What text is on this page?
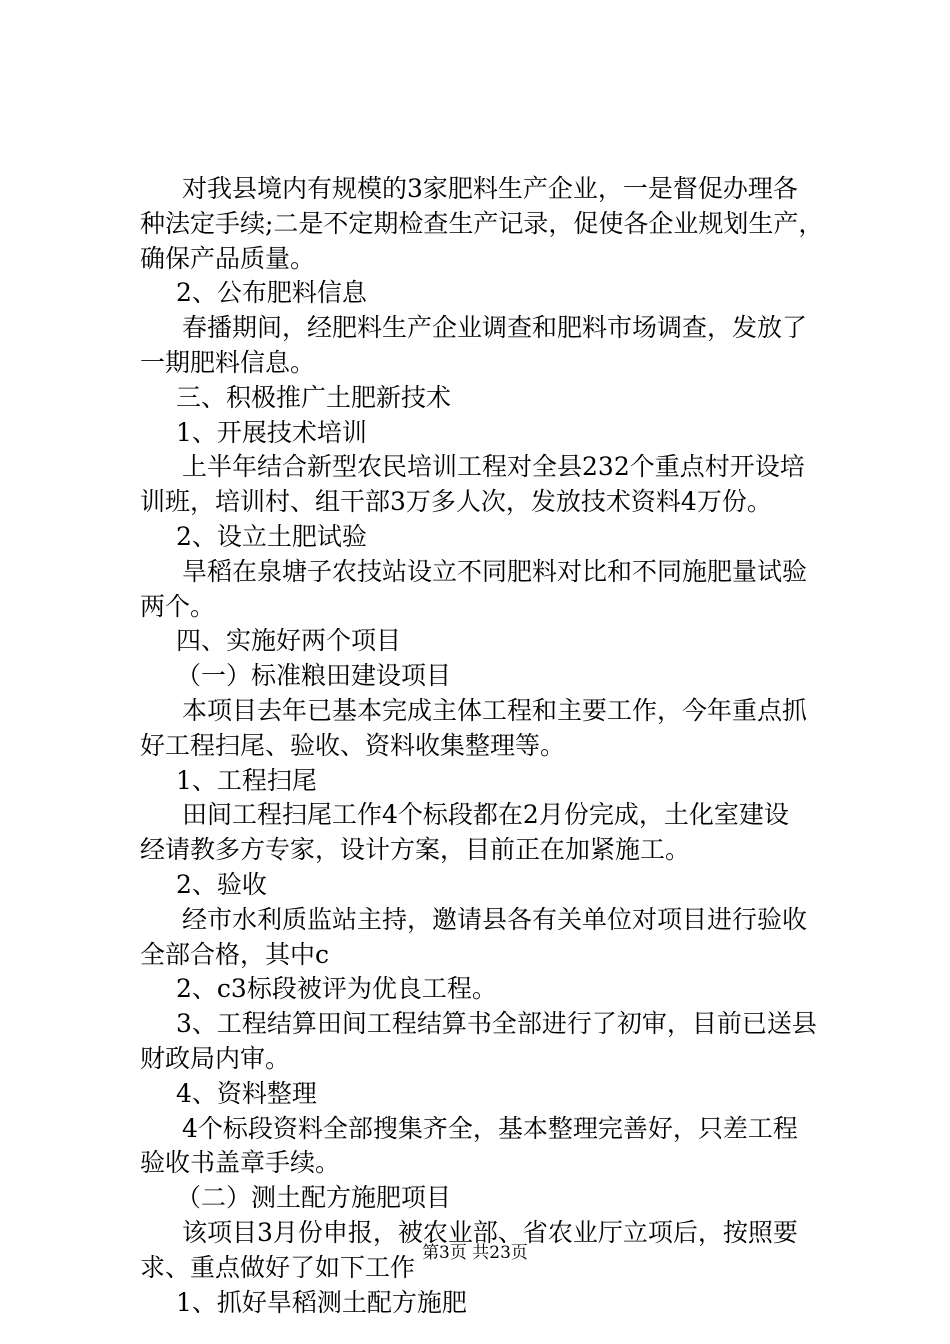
对我县境内有规模的3家肥料生产企业，一是督促办理各
种法定手续;二是不定期检查生产记录，促使各企业规划生产，
确保产品质量。
2、公布肥料信息
春播期间，经肥料生产企业调查和肥料市场调查，发放了
一期肥料信息。
三、积极推广土肥新技术
1、开展技术培训
上半年结合新型农民培训工程对全县232个重点村开设培
训班，培训村、组干部3万多人次，发放技术资料4万份。
2、设立土肥试验
旱稻在泉塘子农技站设立不同肥料对比和不同施肥量试验
两个。
四、实施好两个项目
（一）标准粮田建设项目
本项目去年已基本完成主体工程和主要工作，今年重点抓
好工程扫尾、验收、资料收集整理等。
1、工程扫尾
田间工程扫尾工作4个标段都在2月份完成，土化室建设
经请教多方专家，设计方案，目前正在加紧施工。
2、验收
经市水利质监站主持，邀请县各有关单位对项目进行验收
全部合格，其中c
2、c3标段被评为优良工程。
3、工程结算田间工程结算书全部进行了初审，目前已送县
财政局内审。
4、资料整理
4个标段资料全部搜集齐全，基本整理完善好，只差工程
验收书盖章手续。
（二）测土配方施肥项目
该项目3月份申报，被农业部、省农业厅立项后，按照要
求、重点做好了如下工作
1、抓好旱稻测土配方施肥
第3页 共23页
